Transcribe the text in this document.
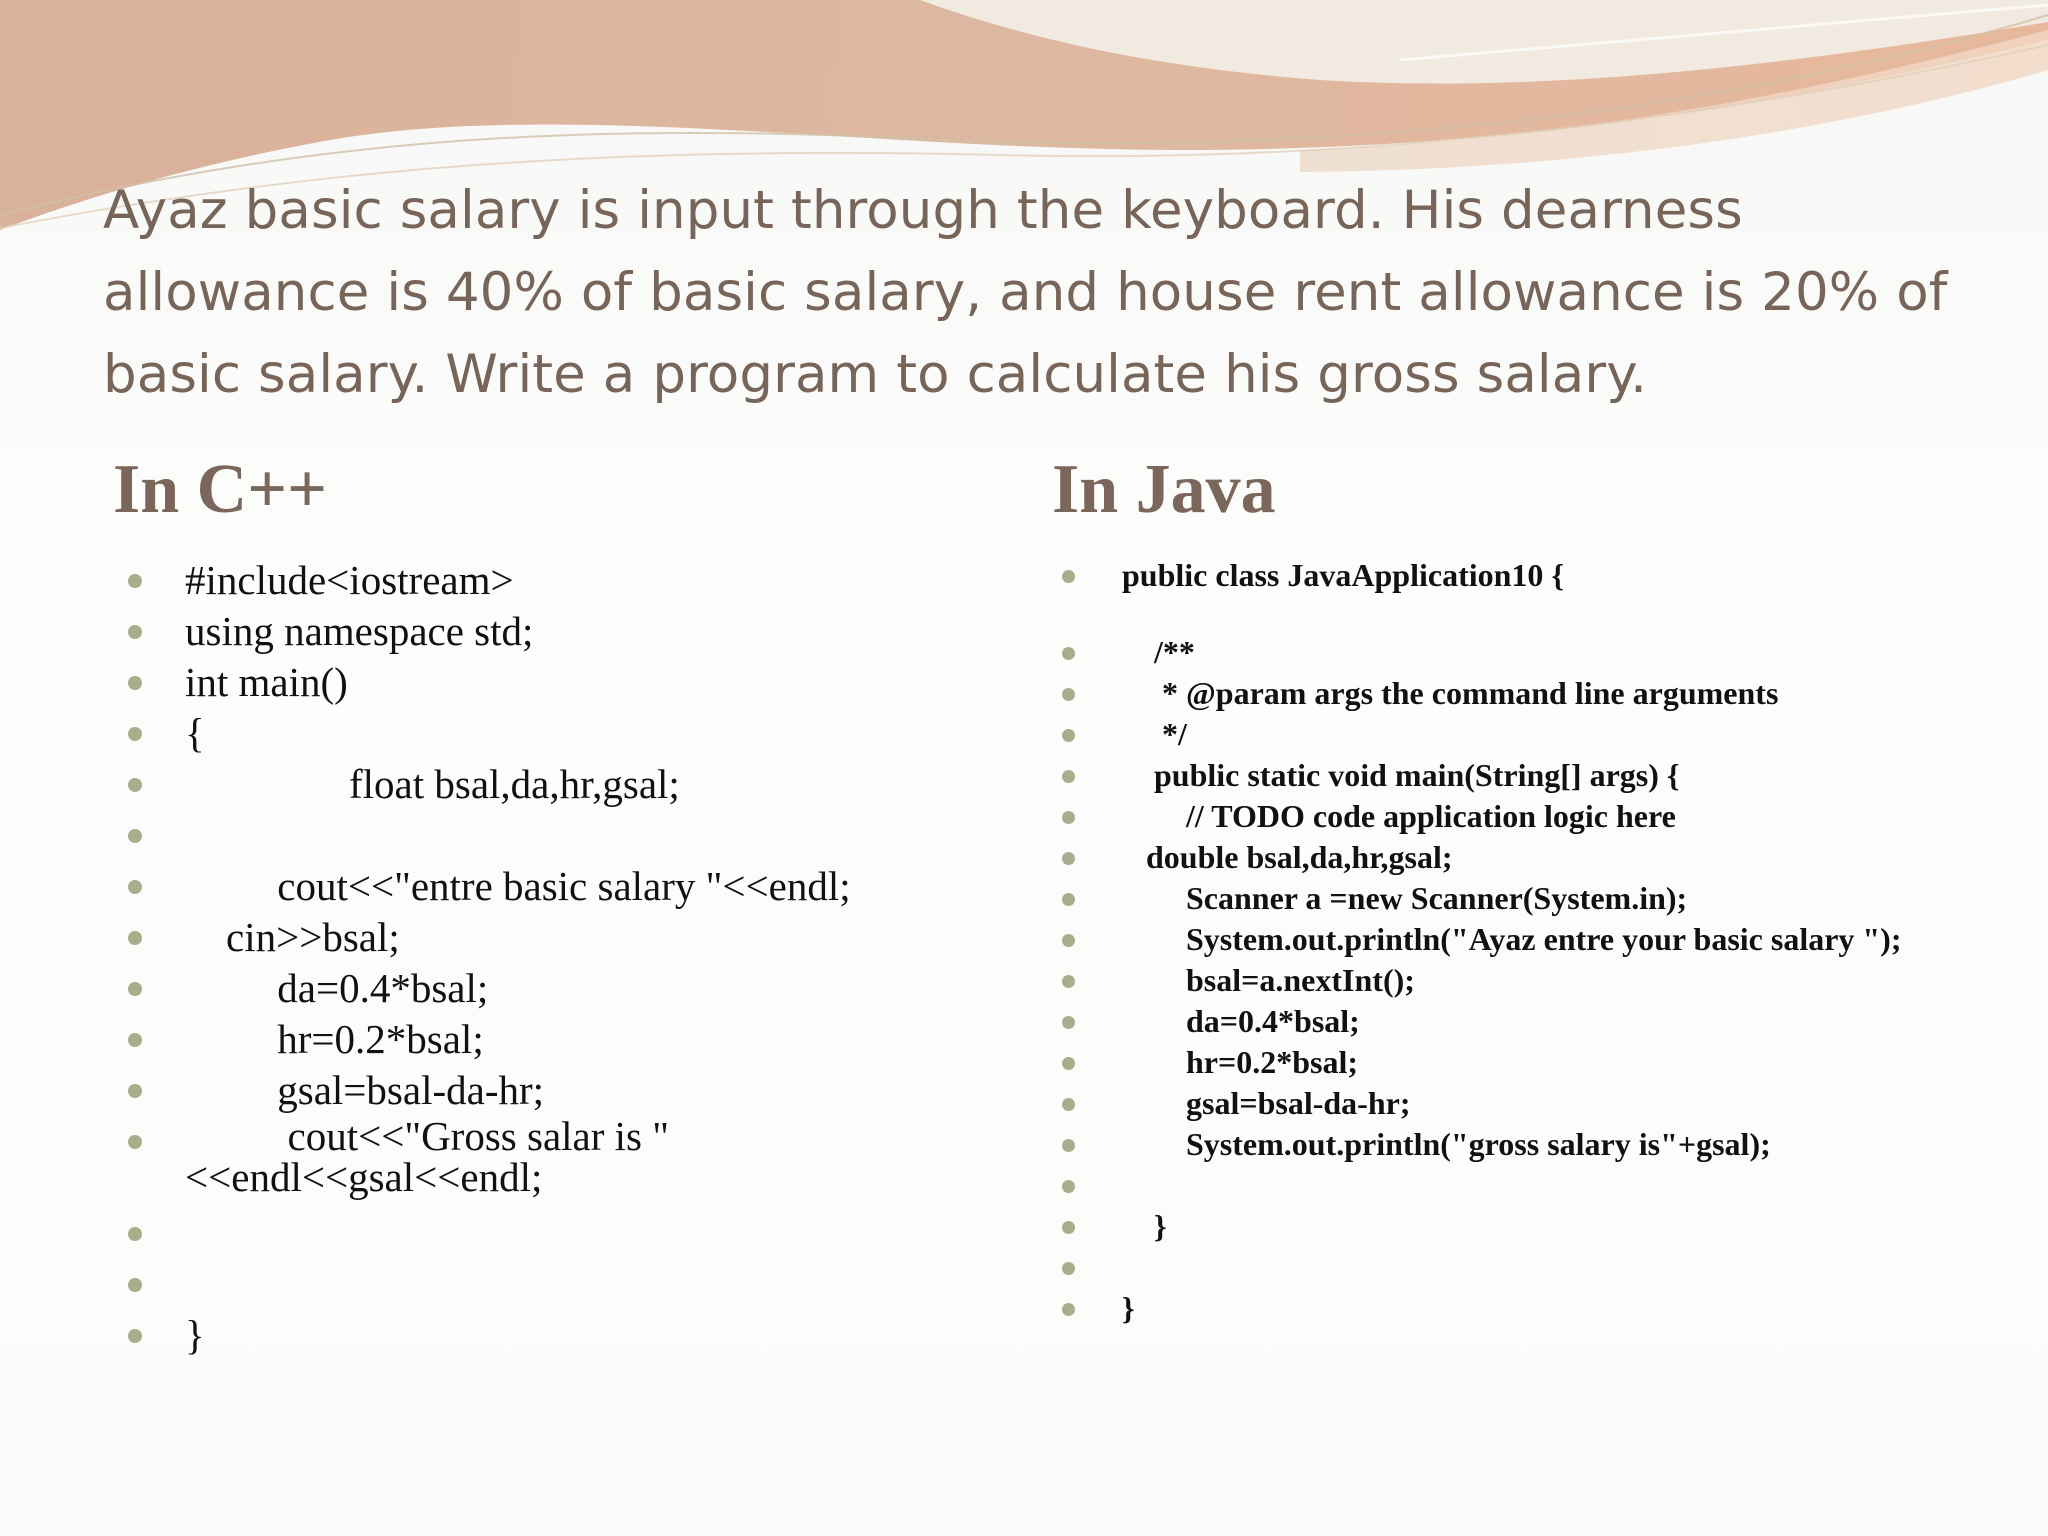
Ayaz basic salary is input through the keyboard. His dearness allowance is 40% of basic salary, and house rent allowance is 20% of basic salary. Write a program to calculate his gross salary.
In C++	In Java
#include<iostream>
using namespace std;
int main()
{
float bsal,da,hr,gsal;

cout<<"entre basic salary "<<endl;
cin>>bsal;
da=0.4*bsal;
hr=0.2*bsal;
gsal=bsal-da-hr;
cout<<"Gross salar is "<<endl<<gsal<<endl;

}
public class JavaApplication10 {

/**
* @param args the command line arguments
*/
public static void main(String[] args) {
// TODO code application logic here
double bsal,da,hr,gsal;
Scanner a =new Scanner(System.in);
System.out.println("Ayaz entre your basic salary ");
bsal=a.nextInt();
da=0.4*bsal;
hr=0.2*bsal;
gsal=bsal-da-hr;
System.out.println("gross salary is"+gsal);

}

}
